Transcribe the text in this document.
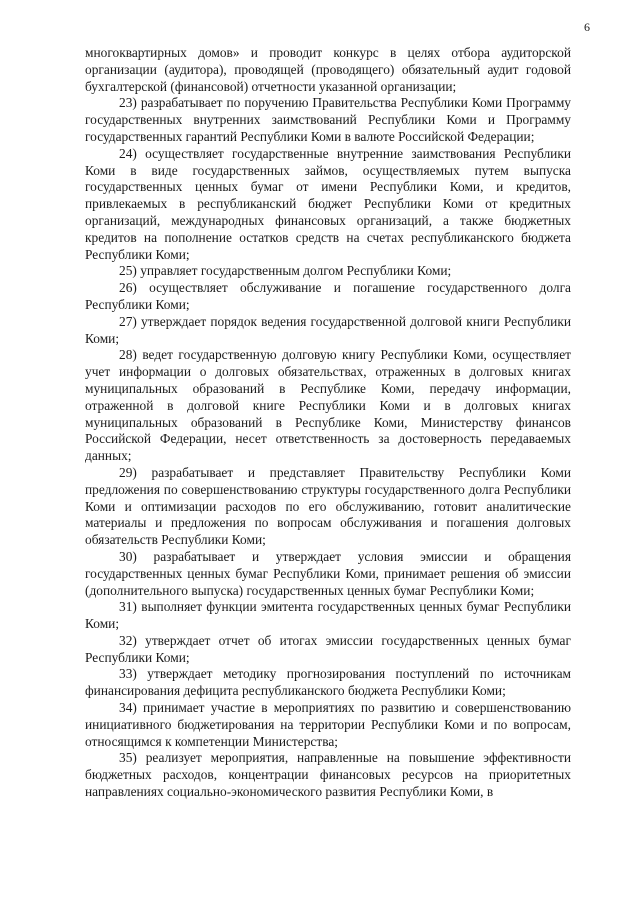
6

многоквартирных домов» и проводит конкурс в целях отбора аудиторской организации (аудитора), проводящей (проводящего) обязательный аудит годовой бухгалтерской (финансовой) отчетности указанной организации;

23) разрабатывает по поручению Правительства Республики Коми Программу государственных внутренних заимствований Республики Коми и Программу государственных гарантий Республики Коми в валюте Российской Федерации;

24) осуществляет государственные внутренние заимствования Республики Коми в виде государственных займов, осуществляемых путем выпуска государственных ценных бумаг от имени Республики Коми, и кредитов, привлекаемых в республиканский бюджет Республики Коми от кредитных организаций, международных финансовых организаций, а также бюджетных кредитов на пополнение остатков средств на счетах республиканского бюджета Республики Коми;

25) управляет государственным долгом Республики Коми;

26) осуществляет обслуживание и погашение государственного долга Республики Коми;

27) утверждает порядок ведения государственной долговой книги Республики Коми;

28) ведет государственную долговую книгу Республики Коми, осуществляет учет информации о долговых обязательствах, отраженных в долговых книгах муниципальных образований в Республике Коми, передачу информации, отраженной в долговой книге Республики Коми и в долговых книгах муниципальных образований в Республике Коми, Министерству финансов Российской Федерации, несет ответственность за достоверность передаваемых данных;

29) разрабатывает и представляет Правительству Республики Коми предложения по совершенствованию структуры государственного долга Республики Коми и оптимизации расходов по его обслуживанию, готовит аналитические материалы и предложения по вопросам обслуживания и погашения долговых обязательств Республики Коми;

30) разрабатывает и утверждает условия эмиссии и обращения государственных ценных бумаг Республики Коми, принимает решения об эмиссии (дополнительного выпуска) государственных ценных бумаг Республики Коми;

31) выполняет функции эмитента государственных ценных бумаг Республики Коми;

32) утверждает отчет об итогах эмиссии государственных ценных бумаг Республики Коми;

33) утверждает методику прогнозирования поступлений по источникам финансирования дефицита республиканского бюджета Республики Коми;

34) принимает участие в мероприятиях по развитию и совершенствованию инициативного бюджетирования на территории Республики Коми и по вопросам, относящимся к компетенции Министерства;

35) реализует мероприятия, направленные на повышение эффективности бюджетных расходов, концентрации финансовых ресурсов на приоритетных направлениях социально-экономического развития Республики Коми, в
